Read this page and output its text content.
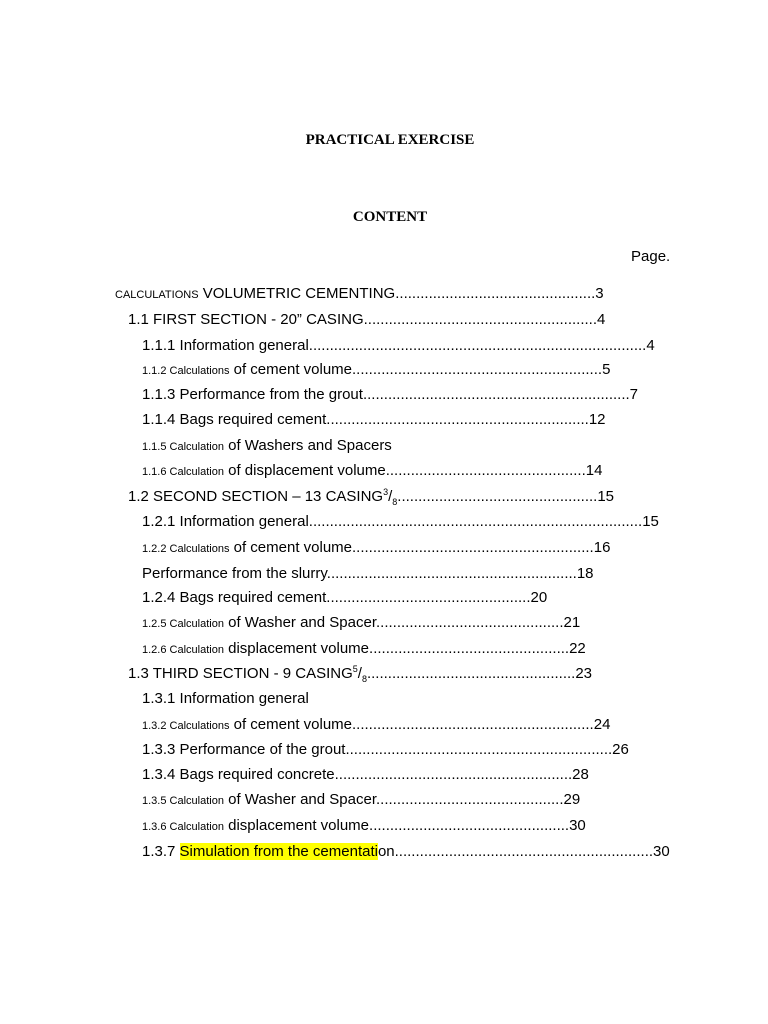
PRACTICAL EXERCISE
CONTENT
Page.
CALCULATIONS VOLUMETRIC CEMENTING................................................3
1.1 FIRST SECTION - 20” CASING........................................................4
1.1.1 Information general.................................................................................4
1.1.2 Calculations of cement volume............................................................5
1.1.3 Performance from the grout................................................................7
1.1.4 Bags required cement...............................................................12
1.1.5 Calculation of Washers and Spacers
1.1.6 Calculation of displacement volume................................................14
1.2 SECOND SECTION – 13 $CASING^3/_8................................................15$
1.2.1 Information general................................................................................15
1.2.2 Calculations of cement volume..........................................................16
Performance from the slurry............................................................18
1.2.4 Bags required cement.................................................20
1.2.5 Calculation of Washer and Spacer.............................................21
1.2.6 Calculation displacement volume................................................22
1.3 THIRD SECTION - 9 $CASING^5/_8..................................................23$
1.3.1 Information general
1.3.2 Calculations of cement volume..........................................................24
1.3.3 Performance of the grout................................................................26
1.3.4 Bags required concrete.........................................................28
1.3.5 Calculation of Washer and Spacer.............................................29
1.3.6 Calculation displacement volume................................................30
1.3.7 Simulation from the cementation..............................................................30
